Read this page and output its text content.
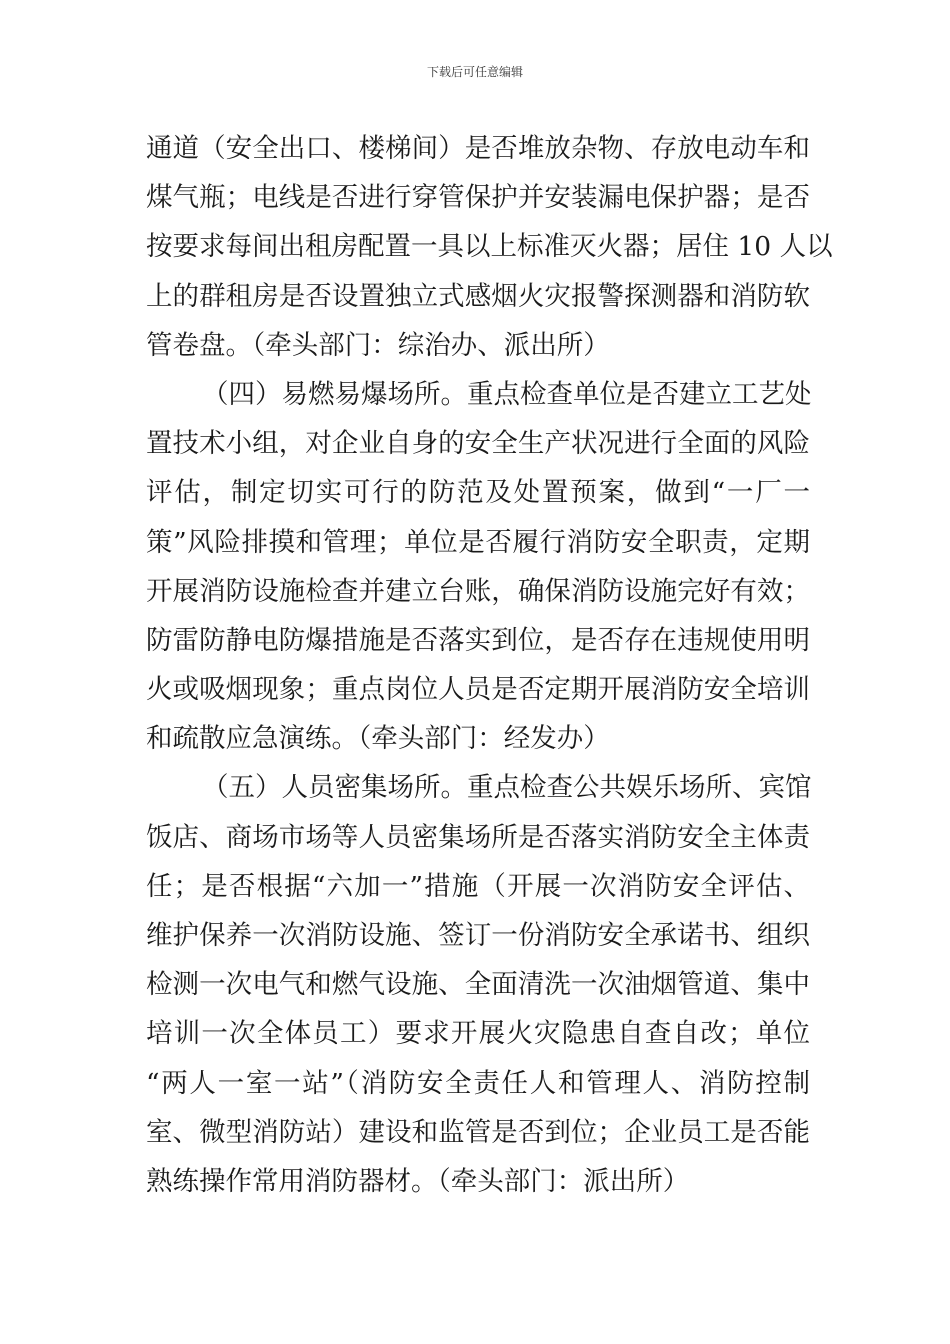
下载后可任意编辑
通道（安全出口、楼梯间）是否堆放杂物、存放电动车和
煤气瓶；电线是否进行穿管保护并安装漏电保护器；是否
按要求每间出租房配置一具以上标准灭火器；居住 10 人以
上的群租房是否设置独立式感烟火灾报警探测器和消防软
管卷盘。（牵头部门：综治办、派出所）
（四）易燃易爆场所。重点检查单位是否建立工艺处
置技术小组，对企业自身的安全生产状况进行全面的风险
评估，制定切实可行的防范及处置预案，做到“一厂一
策”风险排摸和管理；单位是否履行消防安全职责，定期
开展消防设施检查并建立台账，确保消防设施完好有效；
防雷防静电防爆措施是否落实到位，是否存在违规使用明
火或吸烟现象；重点岗位人员是否定期开展消防安全培训
和疏散应急演练。（牵头部门：经发办）
（五）人员密集场所。重点检查公共娱乐场所、宾馆
饭店、商场市场等人员密集场所是否落实消防安全主体责
任；是否根据“六加一”措施（开展一次消防安全评估、
维护保养一次消防设施、签订一份消防安全承诺书、组织
检测一次电气和燃气设施、全面清洗一次油烟管道、集中
培训一次全体员工）要求开展火灾隐患自查自改；单位
“两人一室一站”（消防安全责任人和管理人、消防控制
室、微型消防站）建设和监管是否到位；企业员工是否能
熟练操作常用消防器材。（牵头部门：派出所）
